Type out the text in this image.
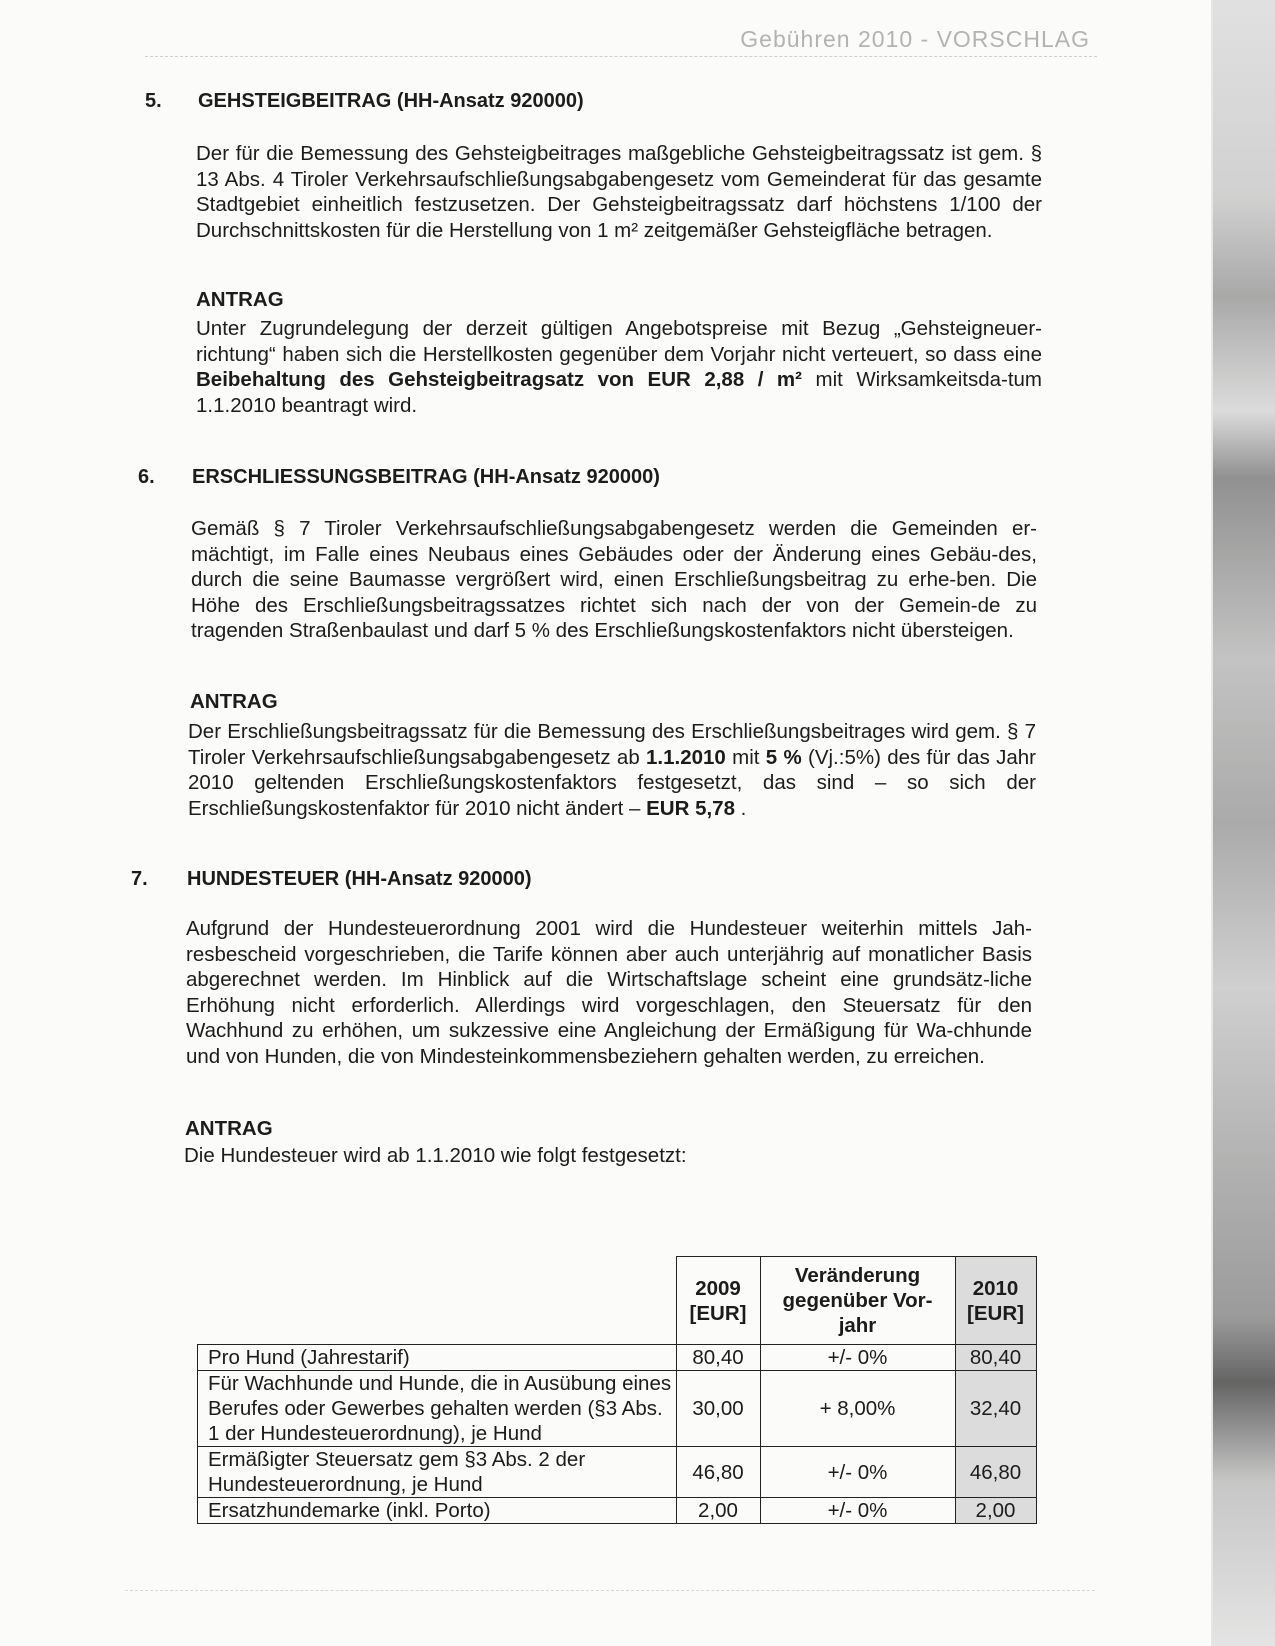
Gebühren 2010 - VORSCHLAG
5. GEHSTEIGBEITRAG (HH-Ansatz 920000)

Der für die Bemessung des Gehsteigbeitrages maßgebliche Gehsteigbeitragssatz ist gem. § 13 Abs. 4 Tiroler Verkehrsaufschließungsabgabengesetz vom Gemeinderat für das gesamte Stadtgebiet einheitlich festzusetzen. Der Gehsteigbeitragssatz darf höchstens 1/100 der Durchschnittskosten für die Herstellung von 1 m² zeitgemäßer Gehsteigfläche betragen.

ANTRAG

Unter Zugrundelegung der derzeit gültigen Angebotspreise mit Bezug „Gehsteigneuer-richtung“ haben sich die Herstellkosten gegenüber dem Vorjahr nicht verteuert, so dass eine Beibehaltung des Gehsteigbeitragsatz von EUR 2,88 / m² mit Wirksamkeitsda-tum 1.1.2010 beantragt wird.

6. ERSCHLIESSUNGSBEITRAG (HH-Ansatz 920000)

Gemäß § 7 Tiroler Verkehrsaufschließungsabgabengesetz werden die Gemeinden er-mächtigt, im Falle eines Neubaus eines Gebäudes oder der Änderung eines Gebäu-des, durch die seine Baumasse vergrößert wird, einen Erschließungsbeitrag zu erhe-ben. Die Höhe des Erschließungsbeitragssatzes richtet sich nach der von der Gemein-de zu tragenden Straßenbaulast und darf 5 % des Erschließungskostenfaktors nicht übersteigen.

ANTRAG

Der Erschließungsbeitragssatz für die Bemessung des Erschließungsbeitrages wird gem. § 7 Tiroler Verkehrsaufschließungsabgabengesetz ab 1.1.2010 mit 5 % (Vj.:5%) des für das Jahr 2010 geltenden Erschließungskostenfaktors festgesetzt, das sind – so sich der Erschließungskostenfaktor für 2010 nicht ändert – EUR 5,78 .

7. HUNDESTEUER (HH-Ansatz 920000)

Aufgrund der Hundesteuerordnung 2001 wird die Hundesteuer weiterhin mittels Jah-resbescheid vorgeschrieben, die Tarife können aber auch unterjährig auf monatlicher Basis abgerechnet werden. Im Hinblick auf die Wirtschaftslage scheint eine grundsätz-liche Erhöhung nicht erforderlich. Allerdings wird vorgeschlagen, den Steuersatz für den Wachhund zu erhöhen, um sukzessive eine Angleichung der Ermäßigung für Wa-chhunde und von Hunden, die von Mindesteinkommensbeziehern gehalten werden, zu erreichen.

ANTRAG

Die Hundesteuer wird ab 1.1.2010 wie folgt festgesetzt:

	2009 [EUR]	Veränderung gegenüber Vor-jahr	2010 [EUR]
Pro Hund (Jahrestarif)	80,40	+/- 0%	80,40
Für Wachhunde und Hunde, die in Ausübung eines Berufes oder Gewerbes gehalten werden (§3 Abs. 1 der Hundesteuerordnung), je Hund	30,00	+ 8,00%	32,40
Ermäßigter Steuersatz gem §3 Abs. 2 der Hundesteuerordnung, je Hund	46,80	+/- 0%	46,80
Ersatzhundemarke (inkl. Porto)	2,00	+/- 0%	2,00
